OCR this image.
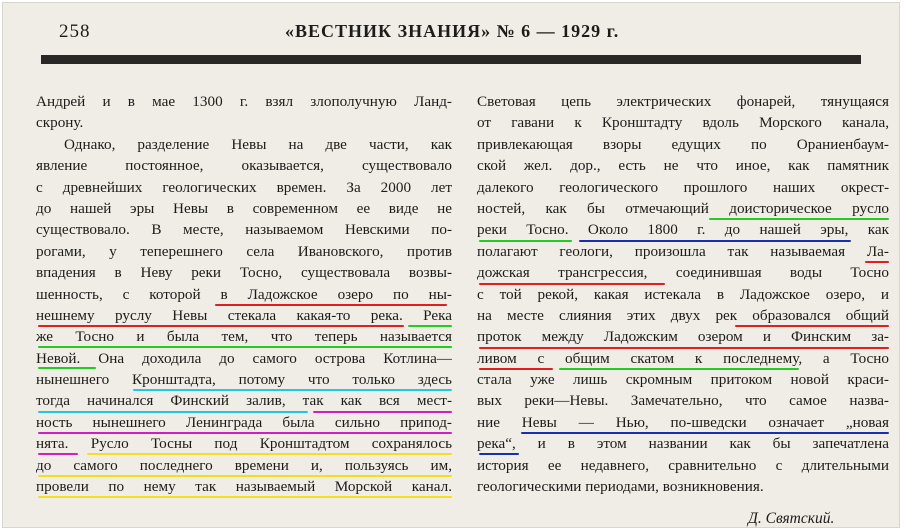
258	«ВЕСТНИК ЗНАНИЯ» № 6 — 1929 г.
Андрей и в мае 1300 г. взял злополучную Ланд-
скрону.
Однако, разделение Невы на две части, как
явление постоянное, оказывается, существовало
с древнейших геологических времен. За 2000 лет
до нашей эры Невы в современном ее виде не
существовало. В месте, называемом Невскими по-
рогами, у теперешнего села Ивановского, против
впадения в Неву реки Тосно, существовала возвы-
шенность, с которой в Ладожское озеро по ны-
нешнему руслу Невы стекала какая-то река. Река
же Тосно и была тем, что теперь называется
Невой. Она доходила до самого острова Котлина—
нынешнего Кронштадта, потому что только здесь
тогда начинался Финский залив, так как вся мест-
ность нынешнего Ленинграда была сильно припод-
нята. Русло Тосны под Кронштадтом сохранялось
до самого последнего времени и, пользуясь им,
провели по нему так называемый Морской канал.
Световая цепь электрических фонарей, тянущаяся
от гавани к Кронштадту вдоль Морского канала,
привлекающая взоры едущих по Ораниенбаум-
ской жел. дор., есть не что иное, как памятник
далекого геологического прошлого наших окрест-
ностей, как бы отмечающий доисторическое русло
реки Тосно. Около 1800 г. до нашей эры, как
полагают геологи, произошла так называемая Ла-
дожская трансгрессия, соединившая воды Тосно
с той рекой, какая истекала в Ладожское озеро, и
на месте слияния этих двух рек образовался общий
проток между Ладожским озером и Финским за-
ливом с общим скатом к последнему, а Тосно
стала уже лишь скромным притоком новой краси-
вых реки—Невы. Замечательно, что самое назва-
ние Невы — Нью, по-шведски означает „новая
река“, и в этом названии как бы запечатлена
история ее недавнего, сравнительно с длительными
геологическими периодами, возникновения.
Д. Святский.
